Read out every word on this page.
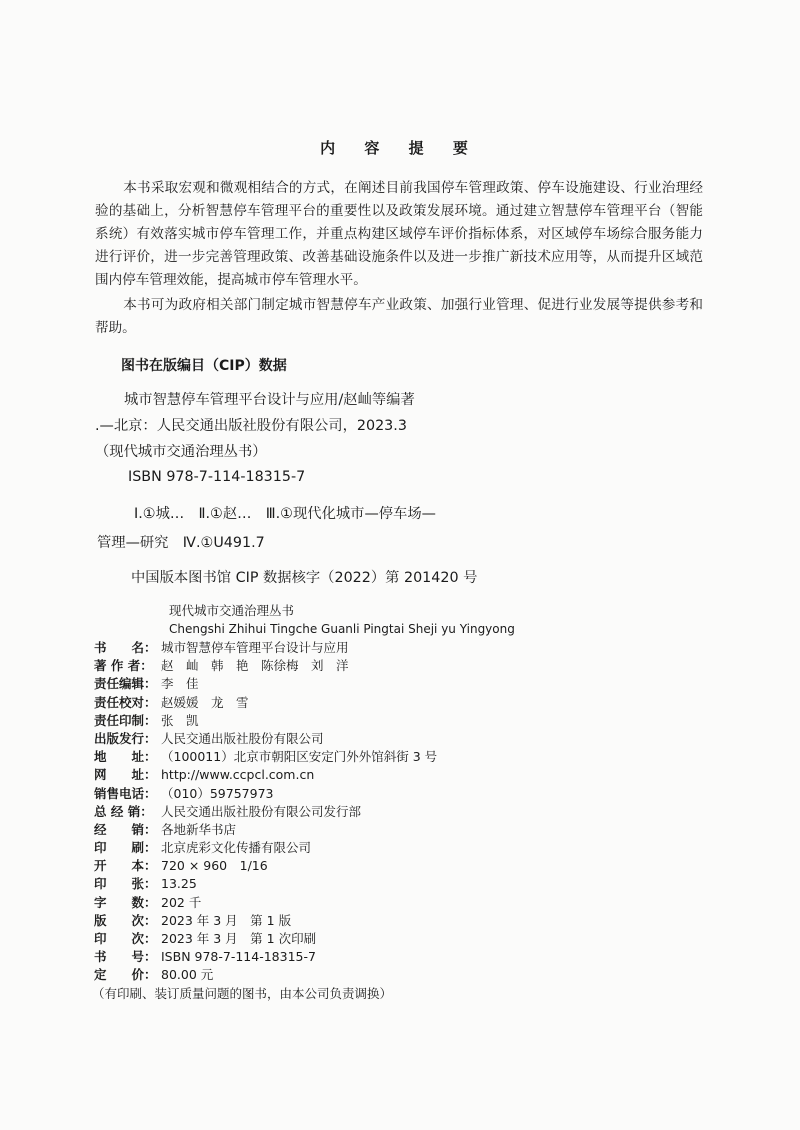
内 容 提 要
本书采取宏观和微观相结合的方式，在阐述目前我国停车管理政策、停车设施建设、行业治理经验的基础上，分析智慧停车管理平台的重要性以及政策发展环境。通过建立智慧停车管理平台（智能系统）有效落实城市停车管理工作，并重点构建区域停车评价指标体系，对区域停车场综合服务能力进行评价，进一步完善管理政策、改善基础设施条件以及进一步推广新技术应用等，从而提升区域范围内停车管理效能，提高城市停车管理水平。
本书可为政府相关部门制定城市智慧停车产业政策、加强行业管理、促进行业发展等提供参考和帮助。
图书在版编目（CIP）数据
城市智慧停车管理平台设计与应用/赵屾等编著
.—北京：人民交通出版社股份有限公司，2023.3
（现代城市交通治理丛书）
ISBN 978-7-114-18315-7
Ⅰ.①城…　Ⅱ.①赵…　Ⅲ.①现代化城市—停车场—
管理—研究　Ⅳ.①U491.7
中国版本图书馆 CIP 数据核字（2022）第 201420 号
现代城市交通治理丛书
Chengshi Zhihui Tingche Guanli Pingtai Sheji yu Yingyong
书　　名： 城市智慧停车管理平台设计与应用
著 作 者： 赵　屾　韩　艳　陈徐梅　刘　洋
责任编辑： 李　佳
责任校对： 赵媛媛　龙　雪
责任印制： 张　凯
出版发行： 人民交通出版社股份有限公司
地　　址： （100011）北京市朝阳区安定门外外馆斜街 3 号
网　　址： http://www.ccpcl.com.cn
销售电话： （010）59757973
总 经 销： 人民交通出版社股份有限公司发行部
经　　销： 各地新华书店
印　　刷： 北京虎彩文化传播有限公司
开　　本： 720 × 960　1/16
印　　张： 13.25
字　　数： 202 千
版　　次： 2023 年 3 月　第 1 版
印　　次： 2023 年 3 月　第 1 次印刷
书　　号： ISBN 978-7-114-18315-7
定　　价： 80.00 元
（有印刷、装订质量问题的图书，由本公司负责调换）
